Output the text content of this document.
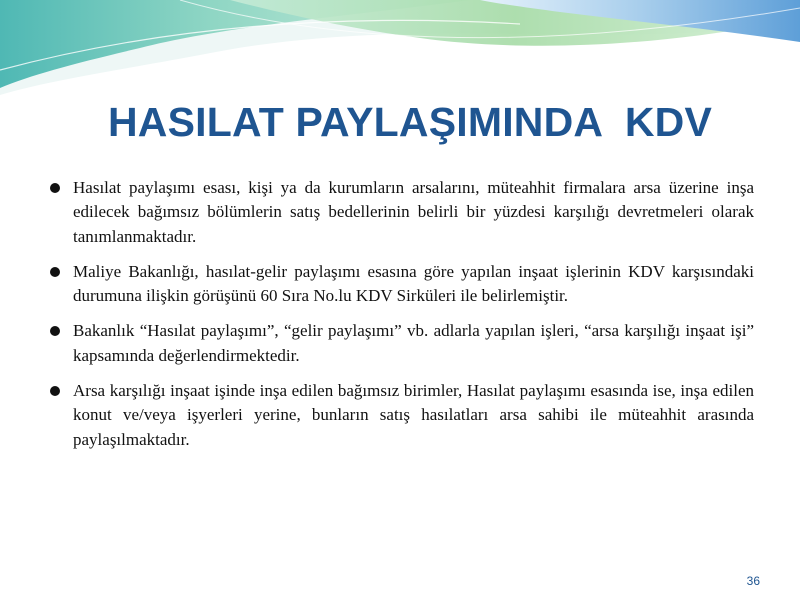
HASILAT PAYLAŞIMINDA  KDV
Hasılat paylaşımı esası, kişi ya da kurumların arsalarını, müteahhit firmalara arsa üzerine inşa edilecek bağımsız bölümlerin satış bedellerinin belirli bir yüzdesi karşılığı devretmeleri olarak tanımlanmaktadır.
Maliye Bakanlığı, hasılat-gelir paylaşımı esasına göre yapılan inşaat işlerinin KDV karşısındaki durumuna ilişkin görüşünü 60 Sıra No.lu KDV Sirküleri ile belirlemiştir.
Bakanlık “Hasılat paylaşımı”, “gelir paylaşımı” vb. adlarla yapılan işleri, “arsa karşılığı inşaat işi” kapsamında değerlendirmektedir.
Arsa karşılığı inşaat işinde inşa edilen bağımsız birimler, Hasılat paylaşımı esasında ise, inşa edilen konut ve/veya işyerleri yerine, bunların satış hasılatları arsa sahibi ile müteahhit arasında paylaşılmaktadır.
36
